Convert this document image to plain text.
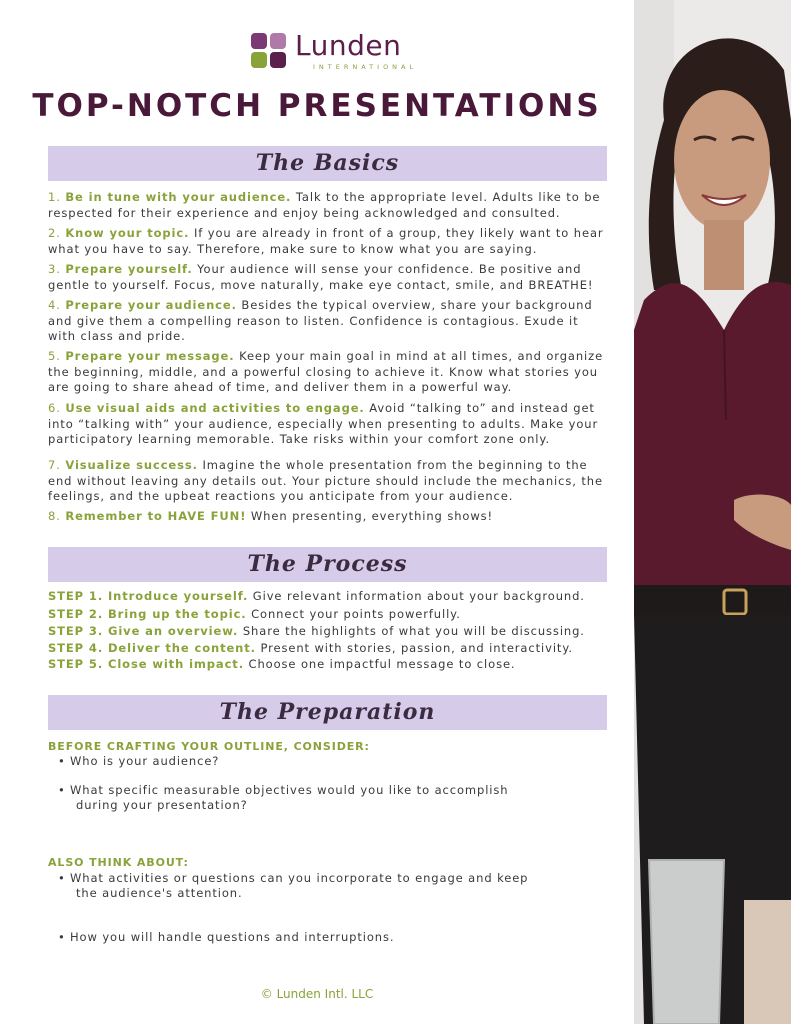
Lunden
INTERNATIONAL
TOP-NOTCH PRESENTATIONS
The Basics

1. Be in tune with your audience. Talk to the appropriate level. Adults like to be respected for their experience and enjoy being acknowledged and consulted.

2. Know your topic. If you are already in front of a group, they likely want to hear what you have to say. Therefore, make sure to know what you are saying.

3. Prepare yourself. Your audience will sense your confidence. Be positive and gentle to yourself. Focus, move naturally, make eye contact, smile, and BREATHE!

4. Prepare your audience. Besides the typical overview, share your background and give them a compelling reason to listen. Confidence is contagious. Exude it with class and pride.

5. Prepare your message. Keep your main goal in mind at all times, and organize the beginning, middle, and a powerful closing to achieve it. Know what stories you are going to share ahead of time, and deliver them in a powerful way.

6. Use visual aids and activities to engage. Avoid “talking to” and instead get into “talking with” your audience, especially when presenting to adults. Make your participatory learning memorable. Take risks within your comfort zone only.

7. Visualize success. Imagine the whole presentation from the beginning to the end without leaving any details out. Your picture should include the mechanics, the feelings, and the upbeat reactions you anticipate from your audience.

8. Remember to HAVE FUN! When presenting, everything shows!

The Process

STEP 1. Introduce yourself. Give relevant information about your background.

STEP 2. Bring up the topic. Connect your points powerfully.

STEP 3. Give an overview. Share the highlights of what you will be discussing.

STEP 4. Deliver the content. Present with stories, passion, and interactivity.

STEP 5. Close with impact. Choose one impactful message to close.

The Preparation

BEFORE CRAFTING YOUR OUTLINE, CONSIDER:

• Who is your audience?

• What specific measurable objectives would you like to accomplish
during your presentation?

ALSO THINK ABOUT:

• What activities or questions can you incorporate to engage and keep
the audience's attention.

• How you will handle questions and interruptions.

© Lunden Intl. LLC
